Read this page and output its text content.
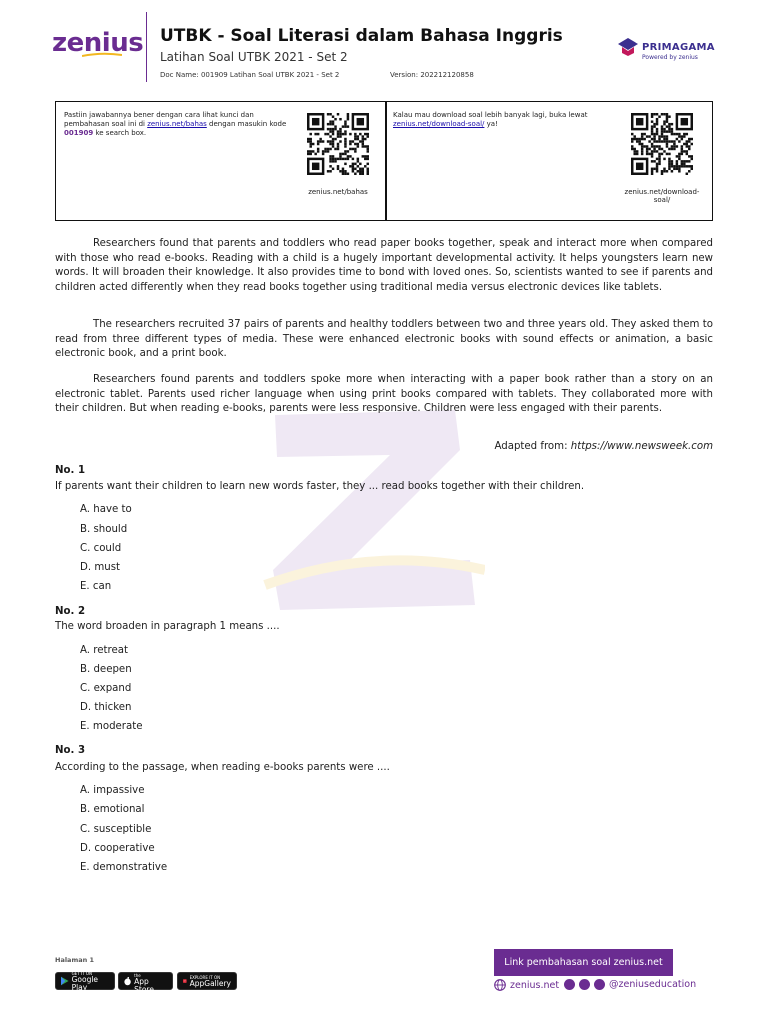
zenius UTBK - Soal Literasi dalam Bahasa Inggris
Latihan Soal UTBK 2021 - Set 2
Doc Name: 001909 Latihan Soal UTBK 2021 - Set 2	Version: 202212120858
PRIMAGAMA
Powered by zenius
Pastiin jawabannya bener dengan cara lihat kunci dan pembahasan soal ini di zenius.net/bahas dengan masukin kode 001909 ke search box.
zenius.net/bahas
Kalau mau download soal lebih banyak lagi, buka lewat zenius.net/download-soal/ ya!
zenius.net/download-
soal/

Researchers found that parents and toddlers who read paper books together, speak and interact more when compared with those who read e-books. Reading with a child is a hugely important developmental activity. It helps youngsters learn new words. It will broaden their knowledge. It also provides time to bond with loved ones. So, scientists wanted to see if parents and children acted differently when they read books together using traditional media versus electronic devices like tablets.

The researchers recruited 37 pairs of parents and healthy toddlers between two and three years old. They asked them to read from three different types of media. These were enhanced electronic books with sound effects or animation, a basic electronic book, and a print book.

Researchers found parents and toddlers spoke more when interacting with a paper book rather than a story on an electronic tablet. Parents used richer language when using print books compared with tablets. They collaborated more with their children. But when reading e-books, parents were less responsive. Children were less engaged with their parents.

Adapted from: https://www.newsweek.com
No. 1
If parents want their children to learn new words faster, they ... read books together with their children.
A. have to
B. should
C. could
D. must
E. can
No. 2
The word broaden in paragraph 1 means ....
A. retreat
B. deepen
C. expand
D. thicken
E. moderate
No. 3
According to the passage, when reading e-books parents were ....
A. impassive
B. emotional
C. susceptible
D. cooperative
E. demonstrative
Halaman 1
GET IT ON
Google Play
Download on the
App Store
EXPLORE IT ON
AppGallery
Link pembahasan soal zenius.net
zenius.net	@zeniuseducation
